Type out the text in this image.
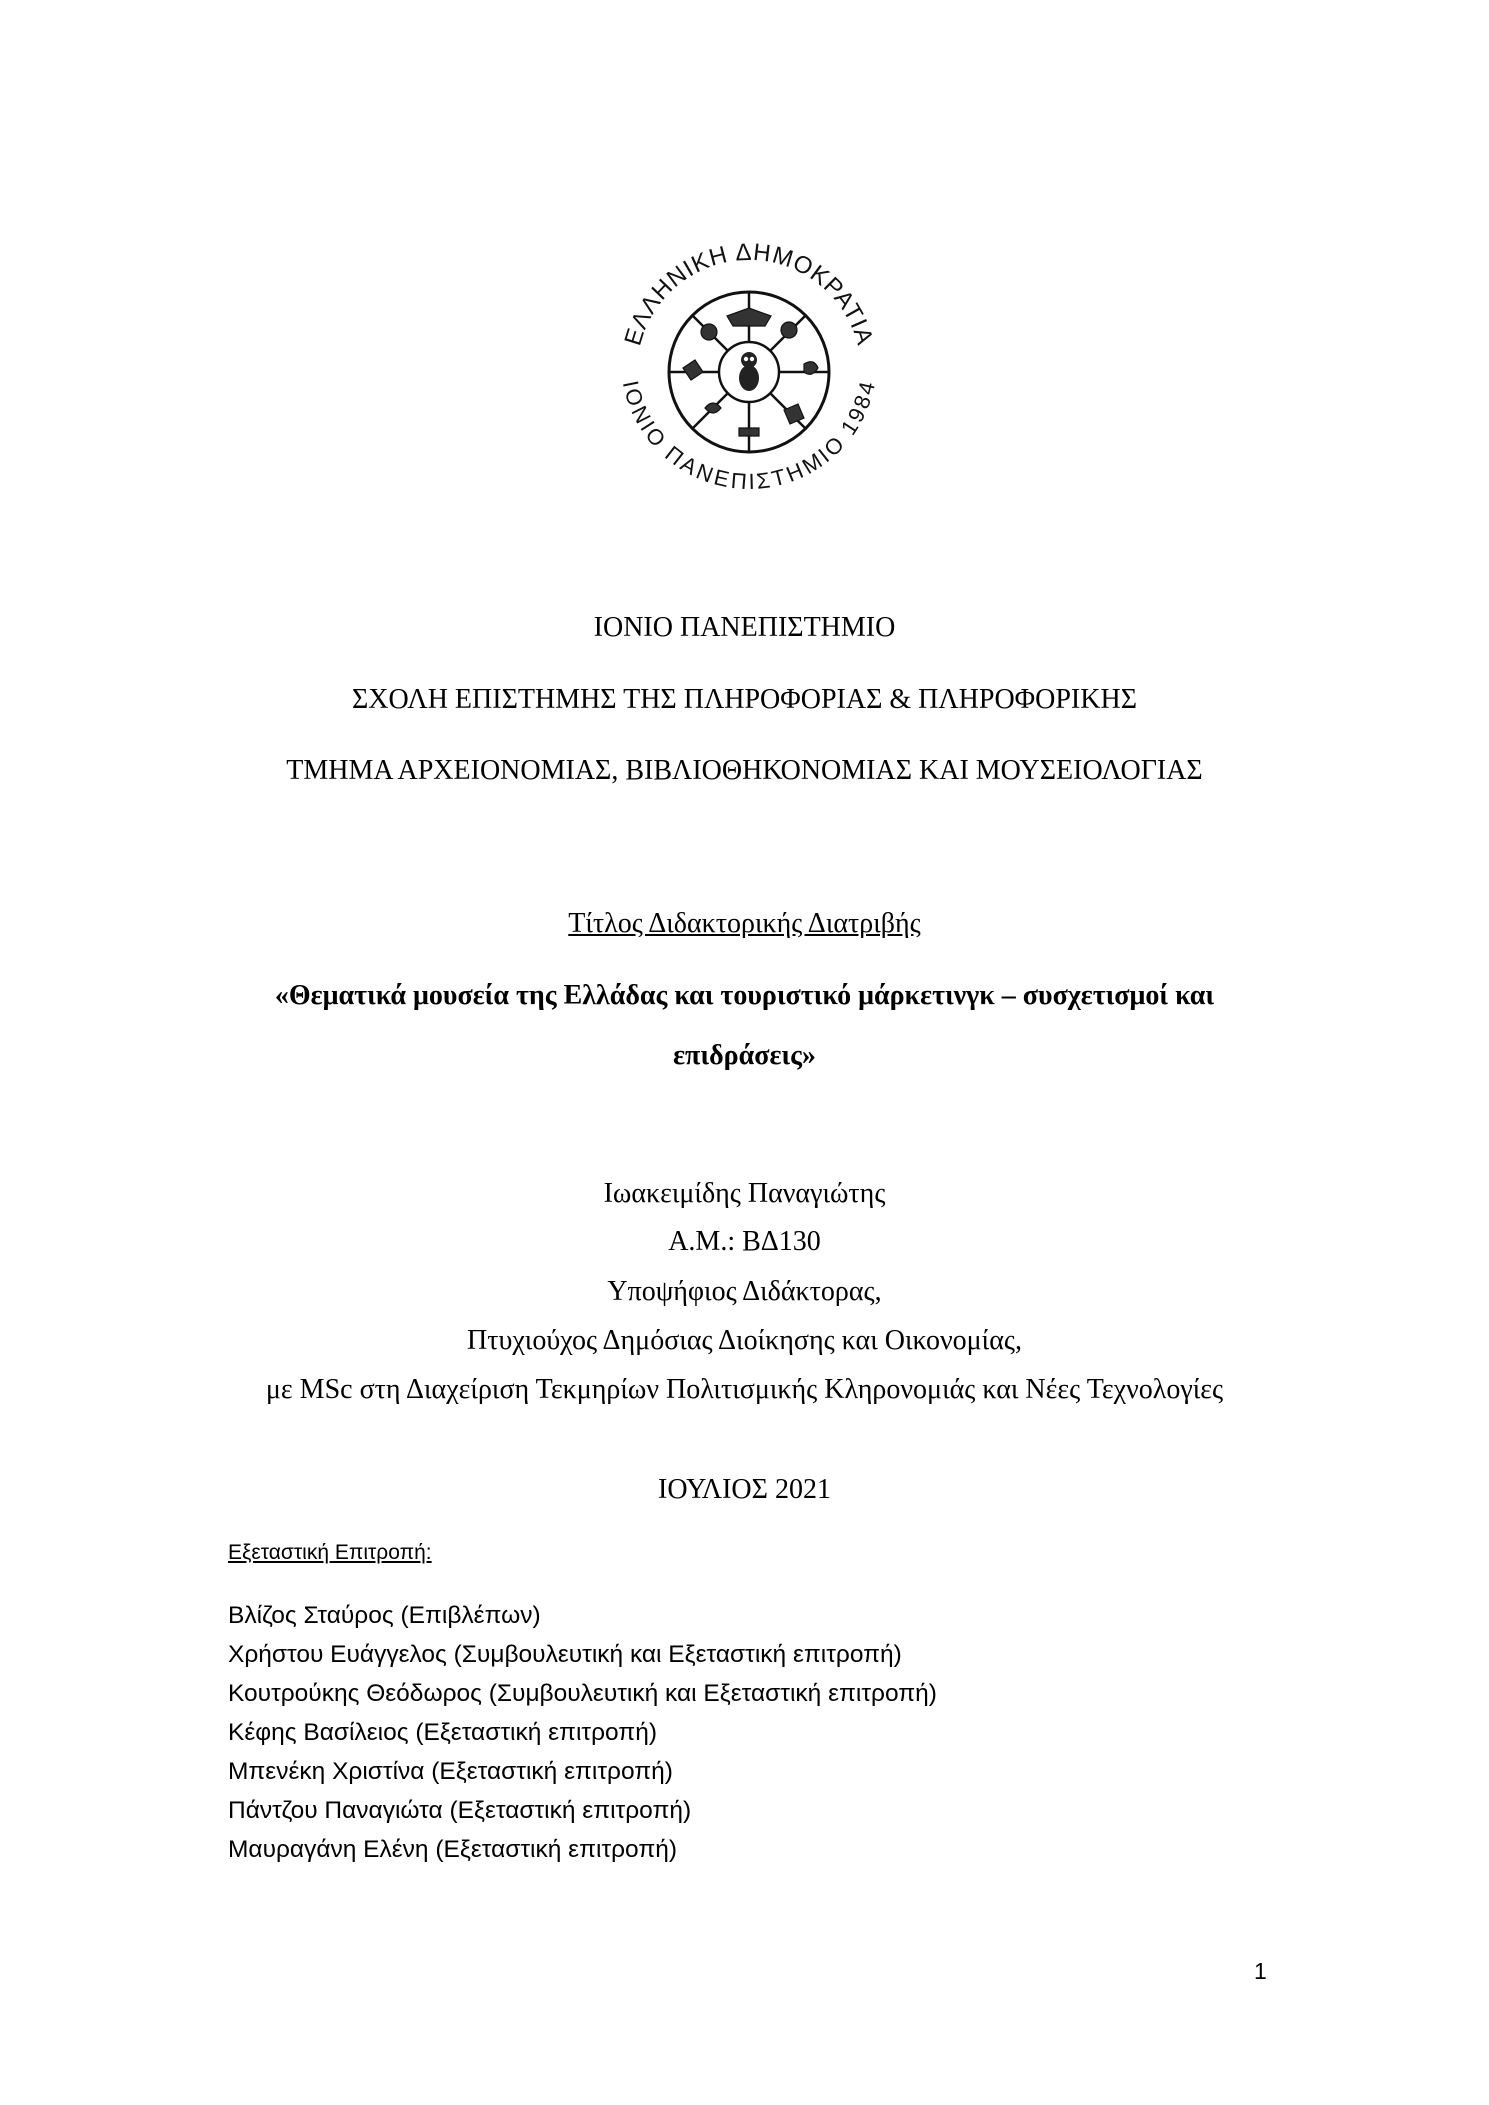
ΕΛΛΗΝΙΚΗ ΔΗΜΟΚΡΑΤΙΑ
ΙΟΝΙΟ ΠΑΝΕΠΙΣΤΗΜΙΟ 1984
ΙΟΝΙΟ ΠΑΝΕΠΙΣΤΗΜΙΟ
ΣΧΟΛΗ ΕΠΙΣΤΗΜΗΣ ΤΗΣ ΠΛΗΡΟΦΟΡΙΑΣ & ΠΛΗΡΟΦΟΡΙΚΗΣ
ΤΜΗΜΑ ΑΡΧΕΙΟΝΟΜΙΑΣ, ΒΙΒΛΙΟΘΗΚΟΝΟΜΙΑΣ ΚΑΙ ΜΟΥΣΕΙΟΛΟΓΙΑΣ
Τίτλος Διδακτορικής Διατριβής
«Θεματικά μουσεία της Ελλάδας και τουριστικό μάρκετινγκ – συσχετισμοί και
επιδράσεις»
Ιωακειμίδης Παναγιώτης
Α.Μ.: ΒΔ130
Υποψήφιος Διδάκτορας,
Πτυχιούχος Δημόσιας Διοίκησης και Οικονομίας,
με MSc στη Διαχείριση Τεκμηρίων Πολιτισμικής Κληρονομιάς και Νέες Τεχνολογίες
ΙΟΥΛΙΟΣ 2021
Εξεταστική Επιτροπή:
Βλίζος Σταύρος (Επιβλέπων)
Χρήστου Ευάγγελος (Συμβουλευτική και Εξεταστική επιτροπή)
Κουτρούκης Θεόδωρος (Συμβουλευτική και Εξεταστική επιτροπή)
Κέφης Βασίλειος (Εξεταστική επιτροπή)
Μπενέκη Χριστίνα (Εξεταστική επιτροπή)
Πάντζου Παναγιώτα (Εξεταστική επιτροπή)
Μαυραγάνη Ελένη (Εξεταστική επιτροπή)
1
